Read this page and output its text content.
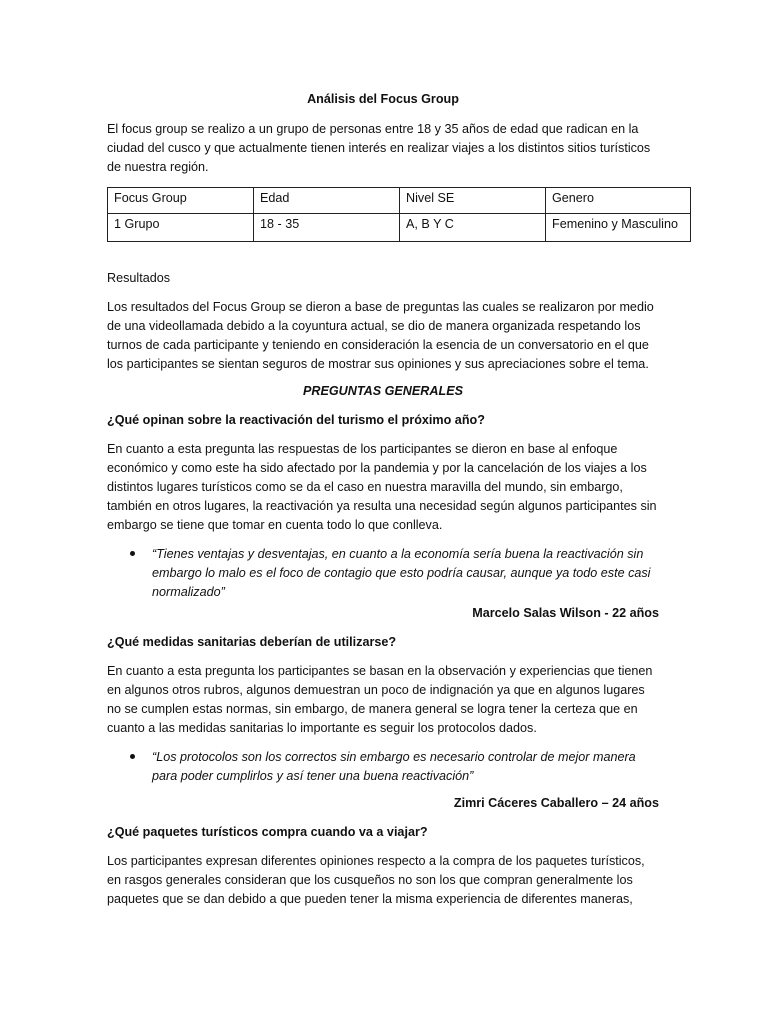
Análisis del Focus Group

El focus group se realizo a un grupo de personas entre 18 y 35 años de edad que radican en la ciudad del cusco y que actualmente tienen interés en realizar viajes a los distintos sitios turísticos de nuestra región.

Focus Group	Edad	Nivel SE	Genero
1 Grupo	18 - 35	A, B Y C	Femenino y Masculino

Resultados

Los resultados del Focus Group se dieron a base de preguntas las cuales se realizaron por medio de una videollamada debido a la coyuntura actual, se dio de manera organizada respetando los turnos de cada participante y teniendo en consideración la esencia de un conversatorio en el que los participantes se sientan seguros de mostrar sus opiniones y sus apreciaciones sobre el tema.

PREGUNTAS GENERALES
¿Qué opinan sobre la reactivación del turismo el próximo año?

En cuanto a esta pregunta las respuestas de los participantes se dieron en base al enfoque económico y como este ha sido afectado por la pandemia y por la cancelación de los viajes a los distintos lugares turísticos como se da el caso en nuestra maravilla del mundo, sin embargo, también en otros lugares, la reactivación ya resulta una necesidad según algunos participantes sin embargo se tiene que tomar en cuenta todo lo que conlleva.

“Tienes ventajas y desventajas, en cuanto a la economía sería buena la reactivación sin embargo lo malo es el foco de contagio que esto podría causar, aunque ya todo este casi normalizado”
Marcelo Salas Wilson - 22 años
¿Qué medidas sanitarias deberían de utilizarse?

En cuanto a esta pregunta los participantes se basan en la observación y experiencias que tienen en algunos otros rubros, algunos demuestran un poco de indignación ya que en algunos lugares no se cumplen estas normas, sin embargo, de manera general se logra tener la certeza que en cuanto a las medidas sanitarias lo importante es seguir los protocolos dados.

“Los protocolos son los correctos sin embargo es necesario controlar de mejor manera para poder cumplirlos y así tener una buena reactivación”
Zimri Cáceres Caballero – 24 años
¿Qué paquetes turísticos compra cuando va a viajar?

Los participantes expresan diferentes opiniones respecto a la compra de los paquetes turísticos, en rasgos generales consideran que los cusqueños no son los que compran generalmente los paquetes que se dan debido a que pueden tener la misma experiencia de diferentes maneras,
